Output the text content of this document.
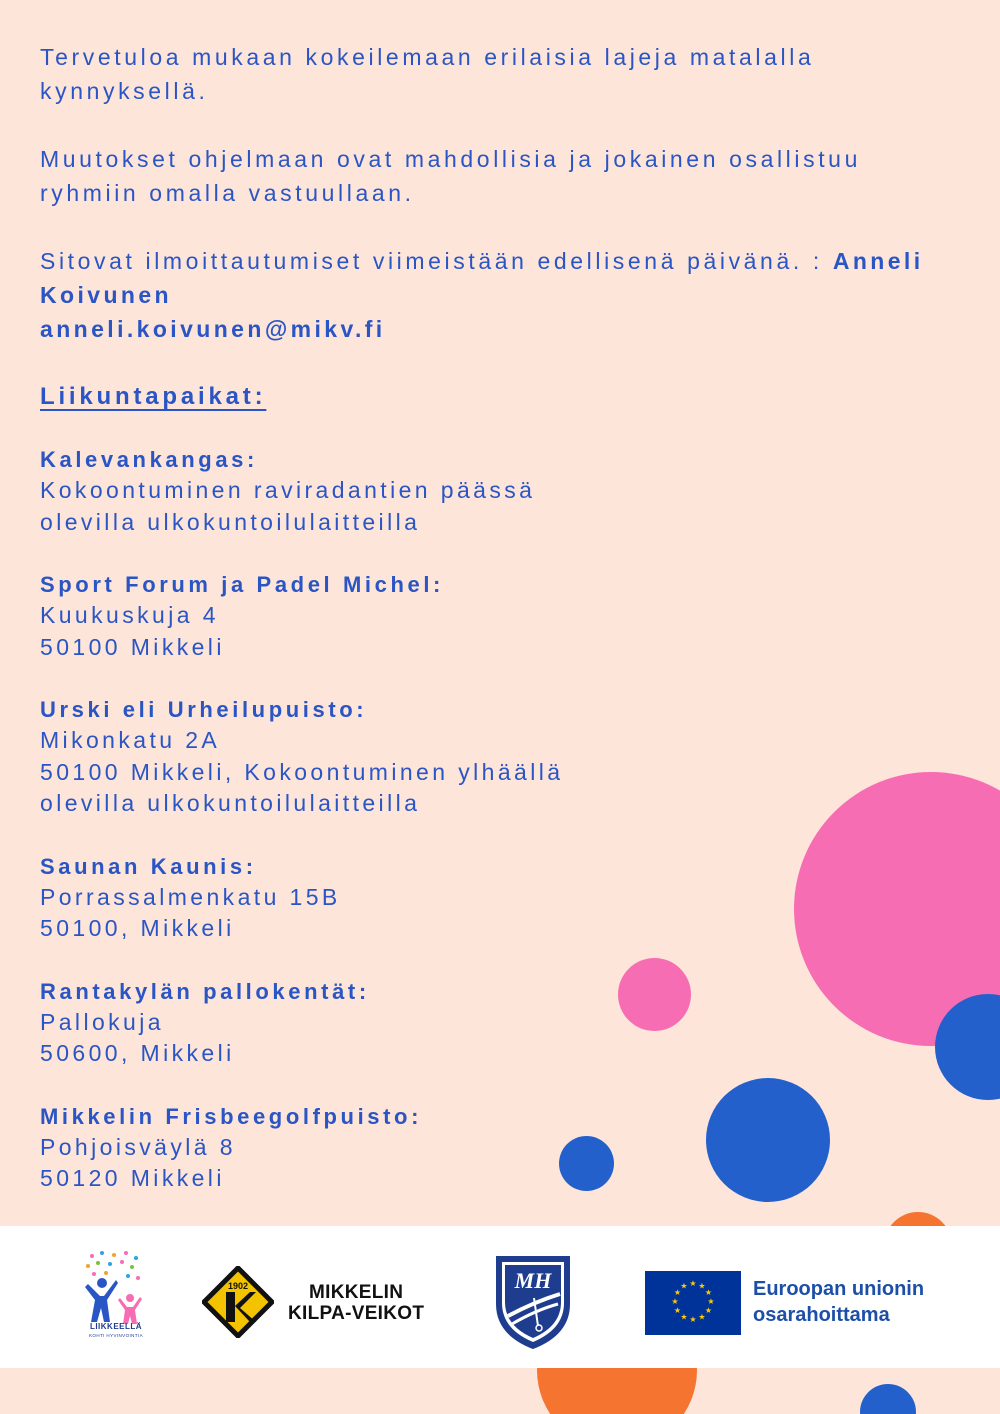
Tervetuloa mukaan kokeilemaan erilaisia lajeja matalalla kynnyksellä.

Muutokset ohjelmaan ovat mahdollisia ja jokainen osallistuu ryhmiin omalla vastuullaan.

Sitovat ilmoittautumiset viimeistään edellisenä päivänä. : Anneli Koivunen
anneli.koivunen@mikv.fi

Liikuntapaikat:
Kalevankangas:
Kokoontuminen raviradantien päässä
olevilla ulkokuntoilulaitteilla
Sport Forum ja Padel Michel:
Kuukuskuja 4
50100 Mikkeli
Urski eli Urheilupuisto:
Mikonkatu 2A
50100 Mikkeli, Kokoontuminen ylhäällä
olevilla ulkokuntoilulaitteilla
Saunan Kaunis:
Porrassalmenkatu 15B
50100, Mikkeli
Rantakylän pallokentät:
Pallokuja
50600, Mikkeli
Mikkelin Frisbeegolfpuisto:
Pohjoisväylä 8
50120 Mikkeli
LIIKKEELLÄ
KOHTI HYVINVOINTIA
1902	MIKKELIN
KILPA-VEIKOT
MH	★ ★
★
★
★
★
★
★
★
★
★
★	Euroopan unionin
osarahoittama
